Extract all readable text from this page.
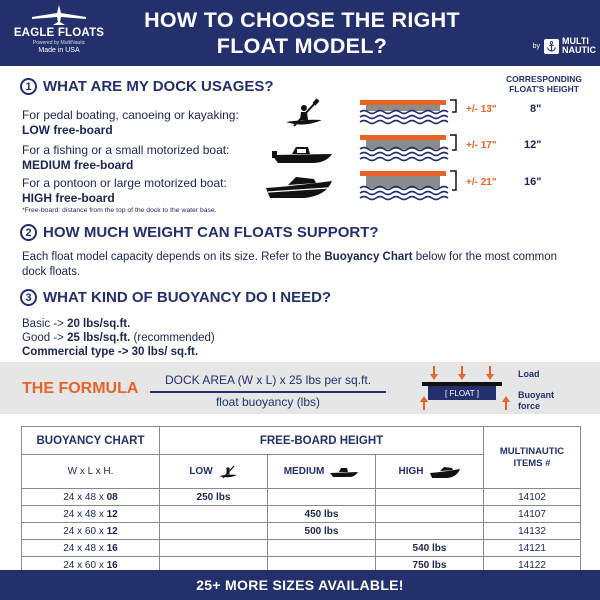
EAGLE FLOATS
Powered by MultiNautic
Made in USA
HOW TO CHOOSE THE RIGHT
FLOAT MODEL?	by MULTI
NAUTIC
1 WHAT ARE MY DOCK USAGES?	CORRESPONDING
FLOAT'S HEIGHT
For pedal boating, canoeing or kayaking:
LOW free-board
For a fishing or a small motorized boat:
MEDIUM free-board
For a pontoon or large motorized boat:
HIGH free-board
+/- 13"
+/- 17"
+/- 21"
8"
12"
16"
*Free-board: distance from the top of the dock to the water base.
2 HOW MUCH WEIGHT CAN FLOATS SUPPORT?
Each float model capacity depends on its size. Refer to the Buoyancy Chart below for the most common dock floats.
3 WHAT KIND OF BUOYANCY DO I NEED?
Basic -> 20 lbs/sq.ft.
Good -> 25 lbs/sq.ft. (recommended)
Commercial type -> 30 lbs/ sq.ft.
THE FORMULA	DOCK AREA (W x L) x 25 lbs per sq.ft.
float buoyancy (lbs)
[ FLOAT ]
Load
Buoyant
force
BUOYANCY CHART	FREE-BOARD HEIGHT			MULTINAUTIC
ITEMS #

W x L x H.	LOW	MEDIUM	HIGH	

24 x 48 x 08	250 lbs			14102
24 x 48 x 12		450 lbs		14107
24 x 60 x 12		500 lbs		14132
24 x 48 x 16			540 lbs	14121
24 x 60 x 16			750 lbs	14122
25+ MORE SIZES AVAILABLE!
